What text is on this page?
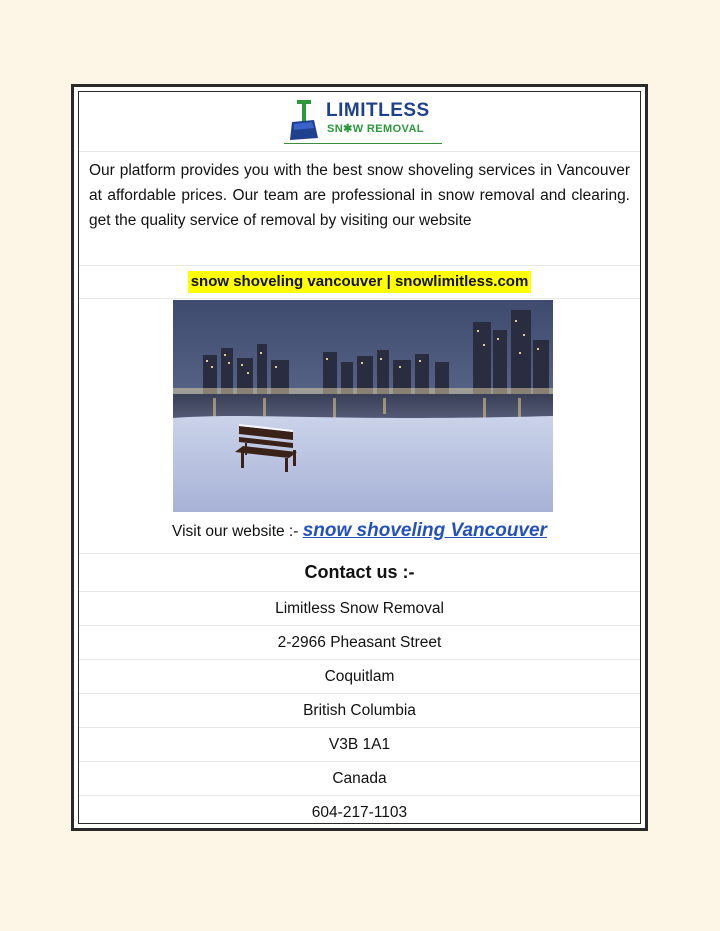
LIMITLESS
SN✱W REMOVAL
Our platform provides you with the best snow shoveling services in Vancouver at affordable prices. Our team are professional in snow removal and clearing. get the quality service of removal by visiting our website
snow shoveling vancouver | snowlimitless.com
Visit our website :- snow shoveling Vancouver
Contact us :-
Limitless Snow Removal
2-2966 Pheasant Street
Coquitlam
British Columbia
V3B 1A1
Canada
604-217-1103
